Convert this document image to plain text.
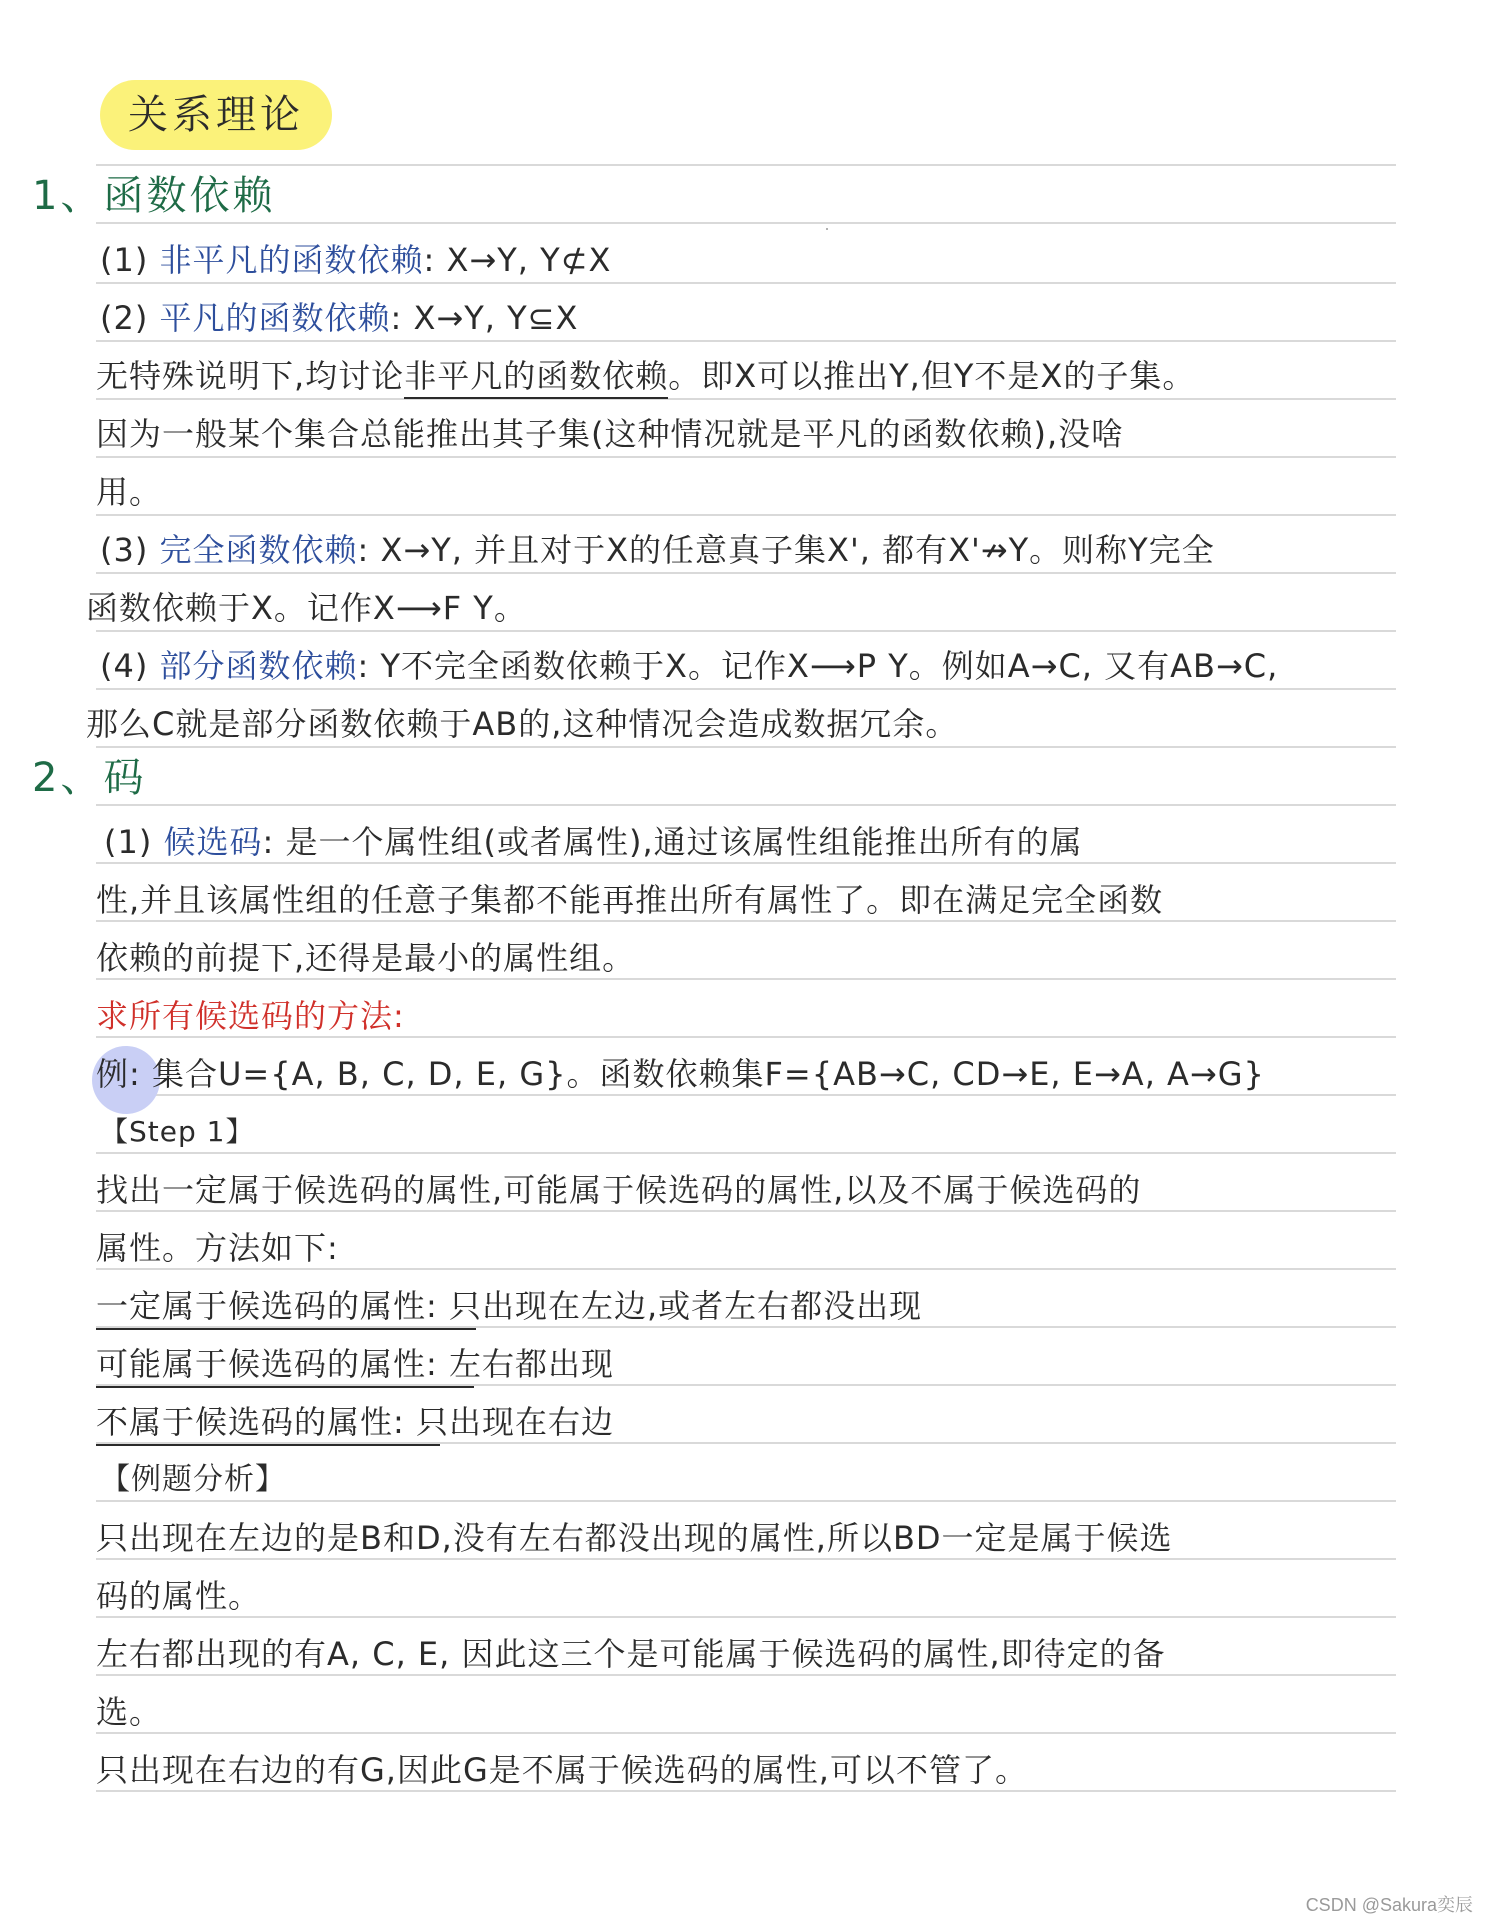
关系理论
1、函数依赖
(1) 非平凡的函数依赖: X→Y, Y⊄X
(2) 平凡的函数依赖: X→Y, Y⊆X
无特殊说明下,均讨论非平凡的函数依赖。即X可以推出Y,但Y不是X的子集。
因为一般某个集合总能推出其子集(这种情况就是平凡的函数依赖),没啥
用。
(3) 完全函数依赖: X→Y, 并且对于X的任意真子集X', 都有X'↛Y。则称Y完全
函数依赖于X。记作X⟶F Y。
(4) 部分函数依赖: Y不完全函数依赖于X。记作X⟶P Y。例如A→C, 又有AB→C,
那么C就是部分函数依赖于AB的,这种情况会造成数据冗余。
2、码
(1) 候选码: 是一个属性组(或者属性),通过该属性组能推出所有的属
性,并且该属性组的任意子集都不能再推出所有属性了。即在满足完全函数
依赖的前提下,还得是最小的属性组。
求所有候选码的方法:
例: 集合U={A, B, C, D, E, G}。函数依赖集F={AB→C, CD→E, E→A, A→G}
【Step 1】
找出一定属于候选码的属性,可能属于候选码的属性,以及不属于候选码的
属性。方法如下:
一定属于候选码的属性: 只出现在左边,或者左右都没出现
可能属于候选码的属性: 左右都出现
不属于候选码的属性: 只出现在右边
【例题分析】
只出现在左边的是B和D,没有左右都没出现的属性,所以BD一定是属于候选
码的属性。
左右都出现的有A, C, E, 因此这三个是可能属于候选码的属性,即待定的备
选。
只出现在右边的有G,因此G是不属于候选码的属性,可以不管了。
CSDN @Sakura奕辰
